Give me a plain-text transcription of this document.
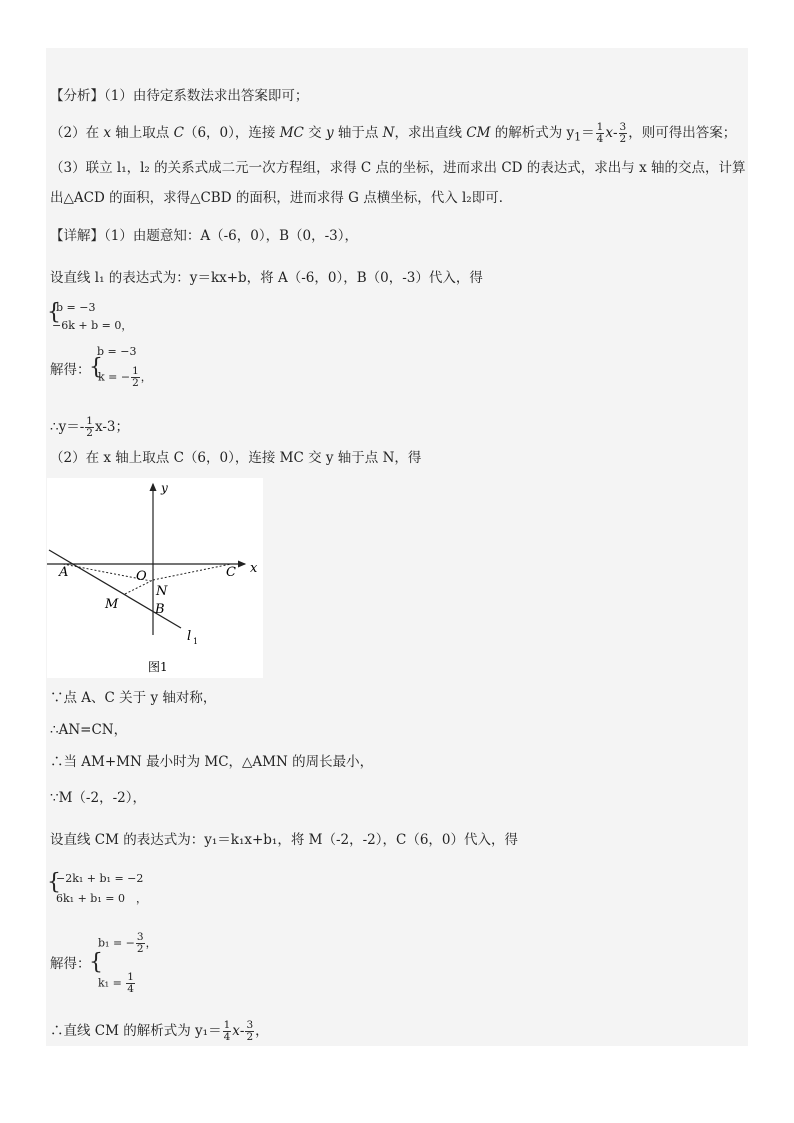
【分析】（1）由待定系数法求出答案即可；
（2）在 x 轴上取点 C（6，0），连接 MC 交 y 轴于点 N，求出直线 CM 的解析式为 $y_1= \frac{1}{4} x- \frac{3}{2}$ ，则可得出答案；
（3）联立 l₁，l₂ 的关系式成二元一次方程组，求得 C 点的坐标，进而求出 CD 的表达式，求出与 x 轴的交点，计算
出△ACD 的面积，求得△CBD 的面积，进而求得 G 点横坐标，代入 l₂即可．
【详解】（1）由题意知：A（-6，0），B（0，-3），
设直线 l₁ 的表达式为：y＝kx+b，将 A（-6，0），B（0，-3）代入，得
{
b = −3
−6k + b = 0，
解得：
{
b = −3
k = − $\frac{1}{2}$ ，
∴y＝- $\frac{1}{2} x-3$；
（2）在 x 轴上取点 C（6，0），连接 MC 交 y 轴于点 N，得
y
x
A	O	C
N
M	B
l 1
图1
∵点 A、C 关于 y 轴对称，
∴AN=CN，
∴当 AM+MN 最小时为 MC，△AMN 的周长最小，
∵M（-2，-2），
设直线 CM 的表达式为：y₁＝k₁x+b₁，将 M（-2，-2），C（6，0）代入，得
{
−2k₁ + b₁ = −2
6k₁ + b₁ = 0　，
解得：
{
b₁ = − $\frac{3}{2}$ ，
$k_1 = \frac{1}{4}$
∴直线 CM 的解析式为 $y_1= \frac{1}{4} x- \frac{3}{2}$ ，
